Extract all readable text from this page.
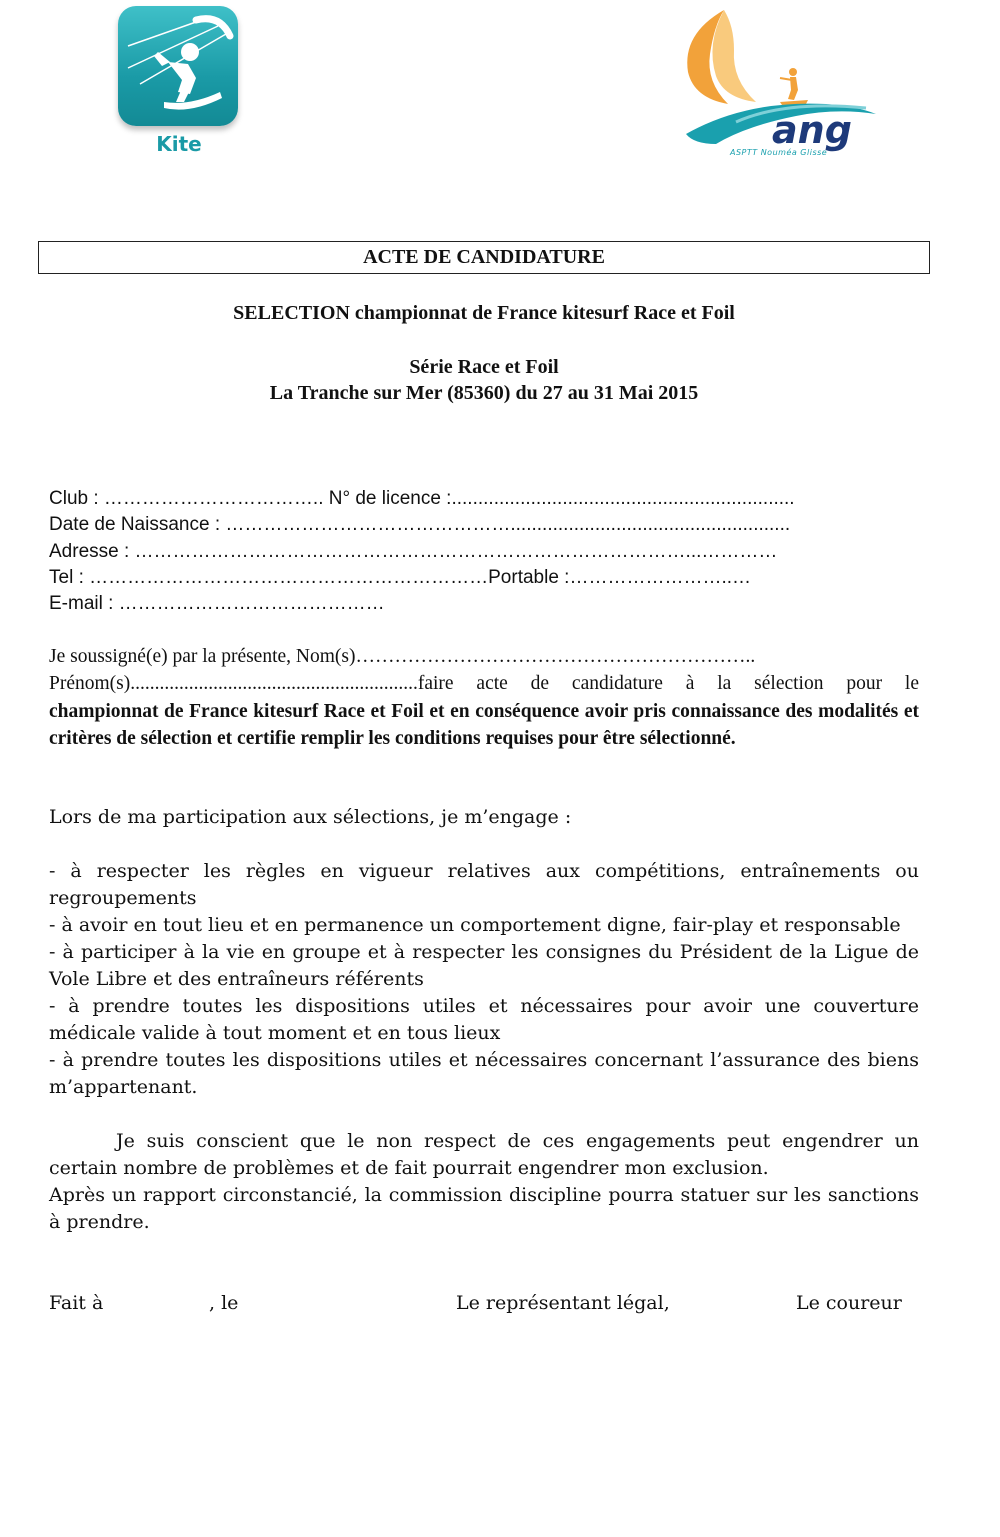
Kite	ang
ASPTT Nouméa Glisse
ACTE DE CANDIDATURE
SELECTION championnat de France kitesurf Race et Foil
Série Race et Foil
La Tranche sur Mer (85360) du 27 au 31 Mai 2015
Club : …………………………….. N° de licence :.................................................................
Date de Naissance : ……………………………………….....................................................
Adresse : ……………………………………………………………………………...…………
Tel : ………………………………………………………Portable :……………………..…
E-mail : ……………………………………
Je soussigné(e) par la présente, Nom(s)……………………………………………………..
Prénom(s)...........................................................faire acte de candidature à la sélection pour le
championnat de France kitesurf Race et Foil et en conséquence avoir pris connaissance des modalités et critères de sélection et certifie remplir les conditions requises pour être sélectionné.
Lors de ma participation aux sélections, je m’engage :
- à respecter les règles en vigueur relatives aux compétitions, entraînements ou regroupements
- à avoir en tout lieu et en permanence un comportement digne, fair-play et responsable
- à participer à la vie en groupe et à respecter les consignes du Président de la Ligue de Vole Libre et des entraîneurs référents
- à prendre toutes les dispositions utiles et nécessaires pour avoir une couverture médicale valide à tout moment et en tous lieux
- à prendre toutes les dispositions utiles et nécessaires concernant l’assurance des biens m’appartenant.
Je suis conscient que le non respect de ces engagements peut engendrer un certain nombre de problèmes et de fait pourrait engendrer mon exclusion.
Après un rapport circonstancié, la commission discipline pourra statuer sur les sanctions à prendre.
Fait à	, le	Le représentant légal,	Le coureur
